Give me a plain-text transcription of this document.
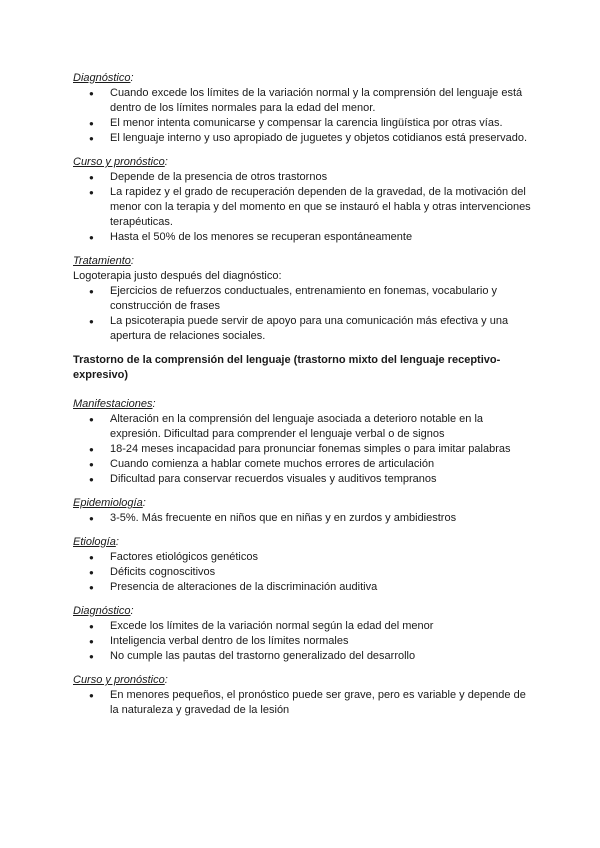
Diagnóstico :
● Cuando excede los límites de la variación normal y la comprensión del lenguaje está dentro de los límites normales para la edad del menor.
● El menor intenta comunicarse y compensar la carencia lingüística por otras vías.
● El lenguaje interno y uso apropiado de juguetes y objetos cotidianos está preservado.
Curso y pronóstico :
● Depende de la presencia de otros trastornos
● La rapidez y el grado de recuperación dependen de la gravedad, de la motivación del menor con la terapia y del momento en que se instauró el habla y otras intervenciones terapéuticas.
● Hasta el 50% de los menores se recuperan espontáneamente
Tratamiento :
Logoterapia justo después del diagnóstico:
● Ejercicios de refuerzos conductuales, entrenamiento en fonemas, vocabulario y construcción de frases
● La psicoterapia puede servir de apoyo para una comunicación más efectiva y una apertura de relaciones sociales.
Trastorno de la comprensión del lenguaje (trastorno mixto del lenguaje receptivo-expresivo)
Manifestaciones :
● Alteración en la comprensión del lenguaje asociada a deterioro notable en la expresión. Dificultad para comprender el lenguaje verbal o de signos
● 18-24 meses incapacidad para pronunciar fonemas simples o para imitar palabras
● Cuando comienza a hablar comete muchos errores de articulación
● Dificultad para conservar recuerdos visuales y auditivos tempranos
Epidemiología :
● 3-5%. Más frecuente en niños que en niñas y en zurdos y ambidiestros
Etiología :
● Factores etiológicos genéticos
● Déficits cognoscitivos
● Presencia de alteraciones de la discriminación auditiva
Diagnóstico :
● Excede los límites de la variación normal según la edad del menor
● Inteligencia verbal dentro de los límites normales
● No cumple las pautas del trastorno generalizado del desarrollo
Curso y pronóstico :
● En menores pequeños, el pronóstico puede ser grave, pero es variable y depende de la naturaleza y gravedad de la lesión
